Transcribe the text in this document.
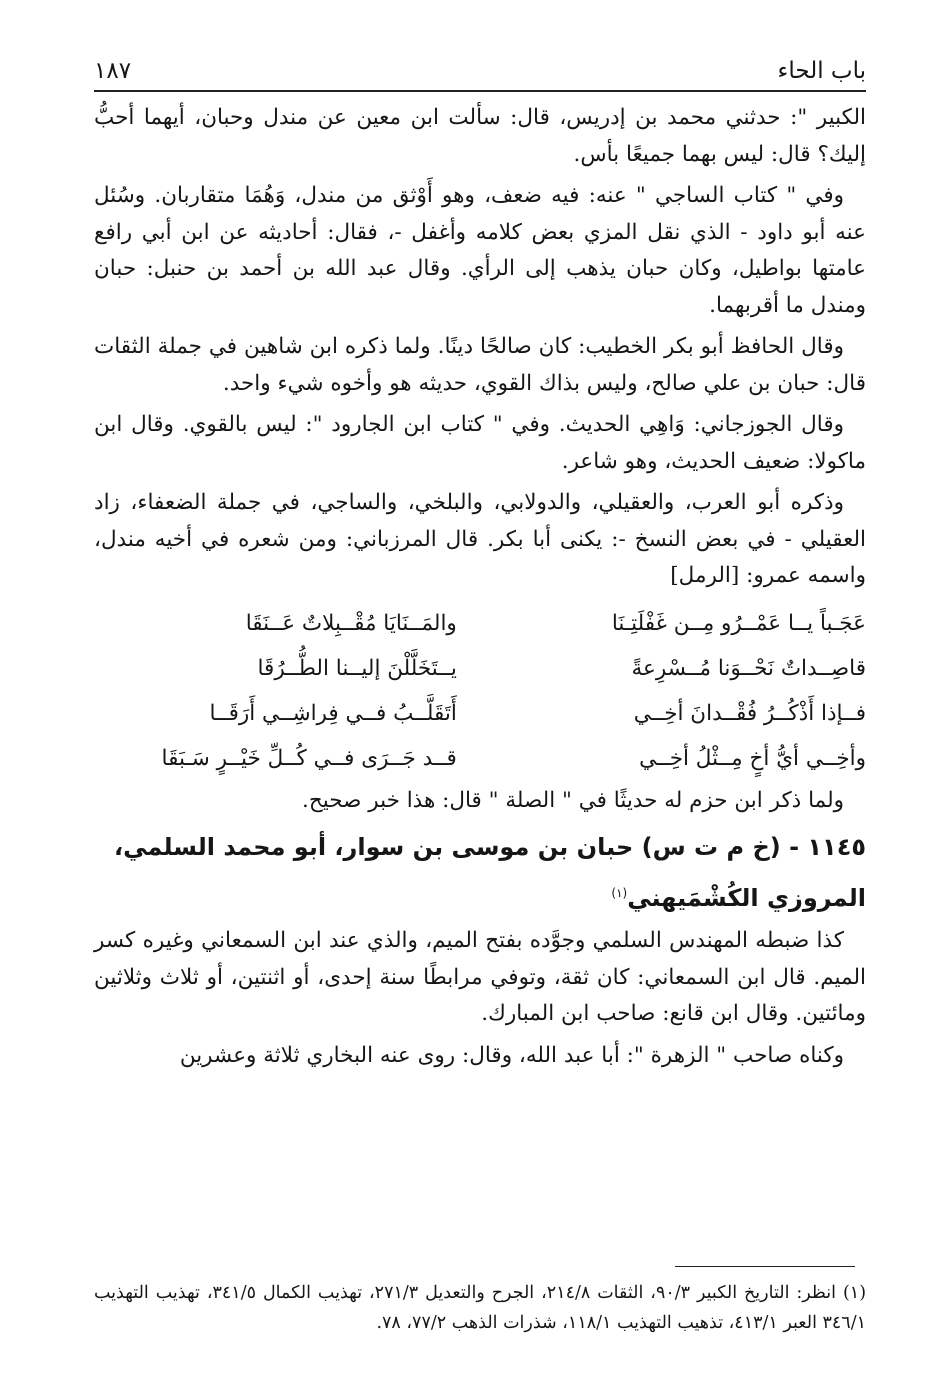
باب الحاء
١٨٧

الكبير ": حدثني محمد بن إدريس، قال: سألت ابن معين عن مندل وحبان، أيهما أحبُّ إليك؟ قال: ليس بهما جميعًا بأس.

وفي " كتاب الساجي " عنه: فيه ضعف، وهو أَوْثق من مندل، وَهُمَا متقاربان. وسُئل عنه أبو داود - الذي نقل المزي بعض كلامه وأغفل -، فقال: أحاديثه عن ابن أبي رافع عامتها بواطيل، وكان حبان يذهب إلى الرأي. وقال عبد الله بن أحمد بن حنبل: حبان ومندل ما أقربهما.

وقال الحافظ أبو بكر الخطيب: كان صالحًا دينًا. ولما ذكره ابن شاهين في جملة الثقات قال: حبان بن علي صالح، وليس بذاك القوي، حديثه هو وأخوه شيء واحد.

وقال الجوزجاني: وَاهِي الحديث. وفي " كتاب ابن الجارود ": ليس بالقوي. وقال ابن ماكولا: ضعيف الحديث، وهو شاعر.

وذكره أبو العرب، والعقيلي، والدولابي، والبلخي، والساجي، في جملة الضعفاء، زاد العقيلي - في بعض النسخ -: يكنى أبا بكر. قال المرزباني: ومن شعره في أخيه مندل، واسمه عمرو: [الرمل]

عَجَـباً يــا عَمْــرُو مِــن غَفْلَتِـنَا
والمَــنَايَا مُقْــبِلاتٌ عَــنَقَا
قاصِــداتٌ نَحْــوَنا مُــسْرِعةً
يــتَخَلَّلْنَ إليــنا الطُّــرُقَا
فــإذا أَذْكُــرُ فُقْــدانَ أخِــي
أَتَقَلَّــبُ فــي فِراشِــي أَرَقَــا
وأخِــي أيُّ أخٍ مِــثْلُ أخِــي
قــد جَــرَى فــي كُــلِّ خَيْــرٍ سَـبَقَا

ولما ذكر ابن حزم له حديثًا في " الصلة " قال: هذا خبر صحيح.

١١٤٥ - (خ م ت س) حبان بن موسى بن سوار، أبو محمد السلمي، المروزي الكُشْمَيهني$^{(١)}$

كذا ضبطه المهندس السلمي وجوَّده بفتح الميم، والذي عند ابن السمعاني وغيره كسر الميم. قال ابن السمعاني: كان ثقة، وتوفي مرابطًا سنة إحدى، أو اثنتين، أو ثلاث وثلاثين ومائتين. وقال ابن قانع: صاحب ابن المبارك.

وكناه صاحب " الزهرة ": أبا عبد الله، وقال: روى عنه البخاري ثلاثة وعشرين

(١) انظر: التاريخ الكبير ٩٠/٣، الثقات ٢١٤/٨، الجرح والتعديل ٢٧١/٣، تهذيب الكمال ٣٤١/٥، تهذيب التهذيب ٣٤٦/١ العبر ٤١٣/١، تذهيب التهذيب ١١٨/١، شذرات الذهب ٧٧/٢، ٧٨.
